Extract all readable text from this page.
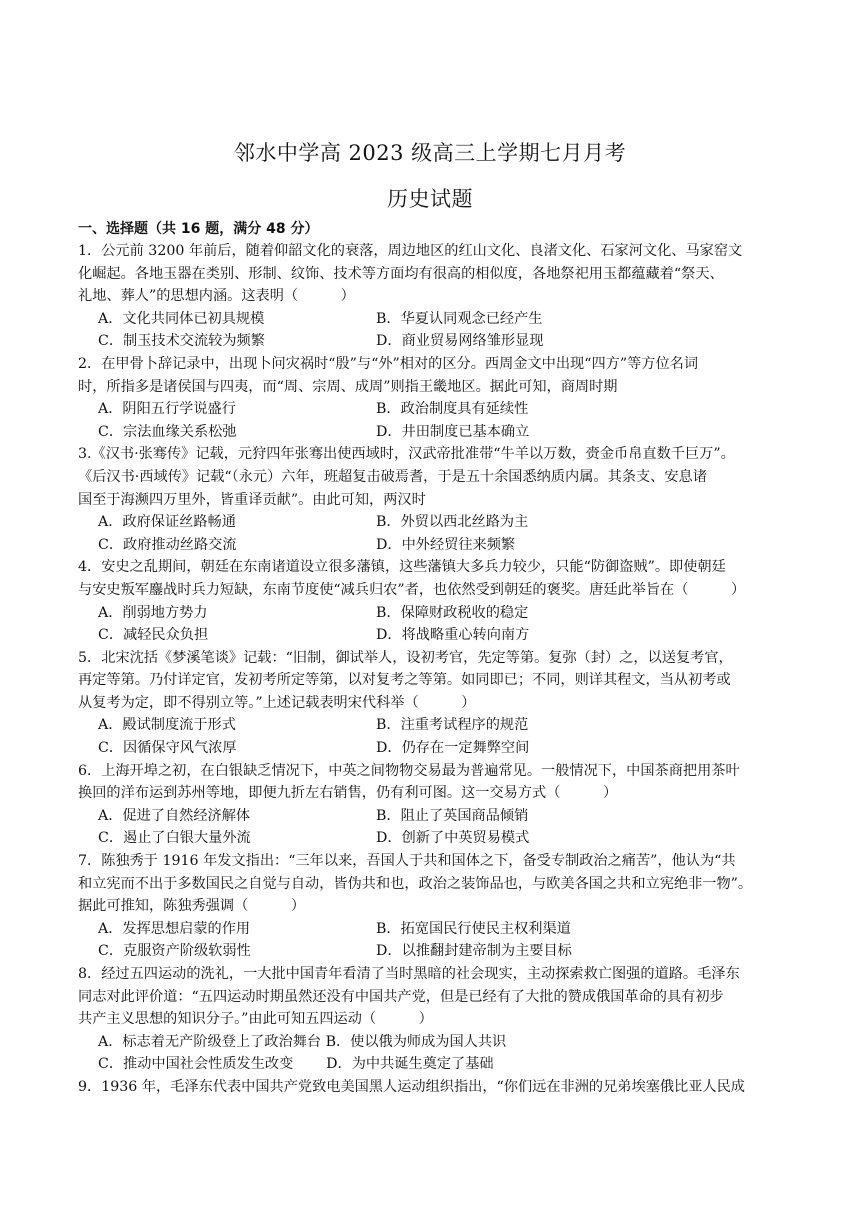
邻水中学高 2023 级高三上学期七月月考
历史试题
一、选择题（共 16 题，满分 48 分）
1．公元前 3200 年前后，随着仰韶文化的衰落，周边地区的红山文化、良渚文化、石家河文化、马家窑文
化崛起。各地玉器在类别、形制、纹饰、技术等方面均有很高的相似度，各地祭祀用玉都蕴藏着“祭天、
礼地、葬人”的思想内涵。这表明（　　　）
A．文化共同体已初具规模	B．华夏认同观念已经产生
C．制玉技术交流较为频繁	D．商业贸易网络雏形显现
2．在甲骨卜辞记录中，出现卜问灾祸时“殷”与“外”相对的区分。西周金文中出现“四方”等方位名词
时，所指多是诸侯国与四夷，而“周、宗周、成周”则指王畿地区。据此可知，商周时期
A．阴阳五行学说盛行	B．政治制度具有延续性
C．宗法血缘关系松弛	D．井田制度已基本确立
3.《汉书·张骞传》记载，元狩四年张骞出使西域时，汉武帝批准带“牛羊以万数，赍金币帛直数千巨万”。
《后汉书·西域传》记载“（永元）六年，班超复击破焉耆，于是五十余国悉纳质内属。其条支、安息诸
国至于海濒四万里外，皆重译贡献”。由此可知，两汉时
A．政府保证丝路畅通	B．外贸以西北丝路为主
C．政府推动丝路交流	D．中外经贸往来频繁
4．安史之乱期间，朝廷在东南诸道设立很多藩镇，这些藩镇大多兵力较少，只能“防御盗贼”。即使朝廷
与安史叛军鏖战时兵力短缺，东南节度使“减兵归农”者，也依然受到朝廷的褒奖。唐廷此举旨在（　　　）
A．削弱地方势力	B．保障财政税收的稳定
C．减轻民众负担	D．将战略重心转向南方
5．北宋沈括《梦溪笔谈》记载：“旧制，御试举人，设初考官，先定等第。复弥（封）之，以送复考官，
再定等第。乃付详定官，发初考所定等第，以对复考之等第。如同即已；不同，则详其程文，当从初考或
从复考为定，即不得别立等。”上述记载表明宋代科举（　　　）
A．殿试制度流于形式	B．注重考试程序的规范
C．因循保守风气浓厚	D．仍存在一定舞弊空间
6．上海开埠之初，在白银缺乏情况下，中英之间物物交易最为普遍常见。一般情况下，中国茶商把用茶叶
换回的洋布运到苏州等地，即便九折左右销售，仍有利可图。这一交易方式（　　　）
A．促进了自然经济解体	B．阻止了英国商品倾销
C．遏止了白银大量外流	D．创新了中英贸易模式
7．陈独秀于 1916 年发文指出：“三年以来，吾国人于共和国体之下，备受专制政治之痛苦”，他认为“共
和立宪而不出于多数国民之自觉与自动，皆伪共和也，政治之装饰品也，与欧美各国之共和立宪绝非一物”。
据此可推知，陈独秀强调（　　　）
A．发挥思想启蒙的作用	B．拓宽国民行使民主权利渠道
C．克服资产阶级软弱性	D．以推翻封建帝制为主要目标
8．经过五四运动的洗礼，一大批中国青年看清了当时黑暗的社会现实，主动探索救亡图强的道路。毛泽东
同志对此评价道：“五四运动时期虽然还没有中国共产党，但是已经有了大批的赞成俄国革命的具有初步
共产主义思想的知识分子。”由此可知五四运动（　　　）
A．标志着无产阶级登上了政治舞台 B．使以俄为师成为国人共识
C．推动中国社会性质发生改变　　 D．为中共诞生奠定了基础
9．1936 年，毛泽东代表中国共产党致电美国黑人运动组织指出，“你们远在非洲的兄弟埃塞俄比亚人民成
